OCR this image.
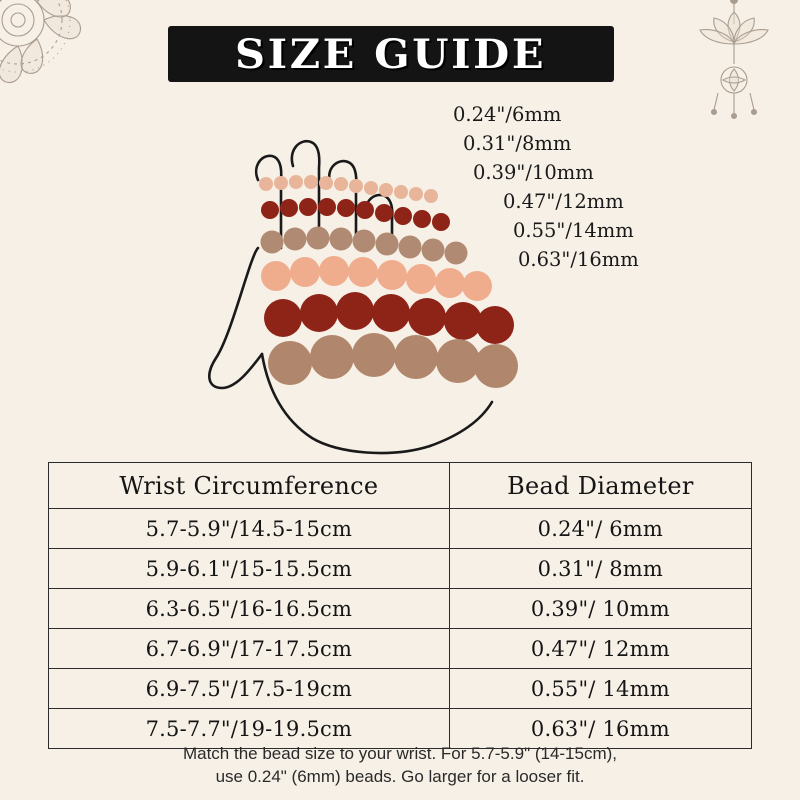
SIZE GUIDE
0.24"/6mm
0.31"/8mm
0.39"/10mm
0.47"/12mm
0.55"/14mm
0.63"/16mm
Wrist Circumference	Bead Diameter
5.7-5.9"/14.5-15cm	0.24"/ 6mm
5.9-6.1"/15-15.5cm	0.31"/ 8mm
6.3-6.5"/16-16.5cm	0.39"/ 10mm
6.7-6.9"/17-17.5cm	0.47"/ 12mm
6.9-7.5"/17.5-19cm	0.55"/ 14mm
7.5-7.7"/19-19.5cm	0.63"/ 16mm
Match the bead size to your wrist. For 5.7-5.9" (14-15cm),
use 0.24" (6mm) beads. Go larger for a looser fit.
